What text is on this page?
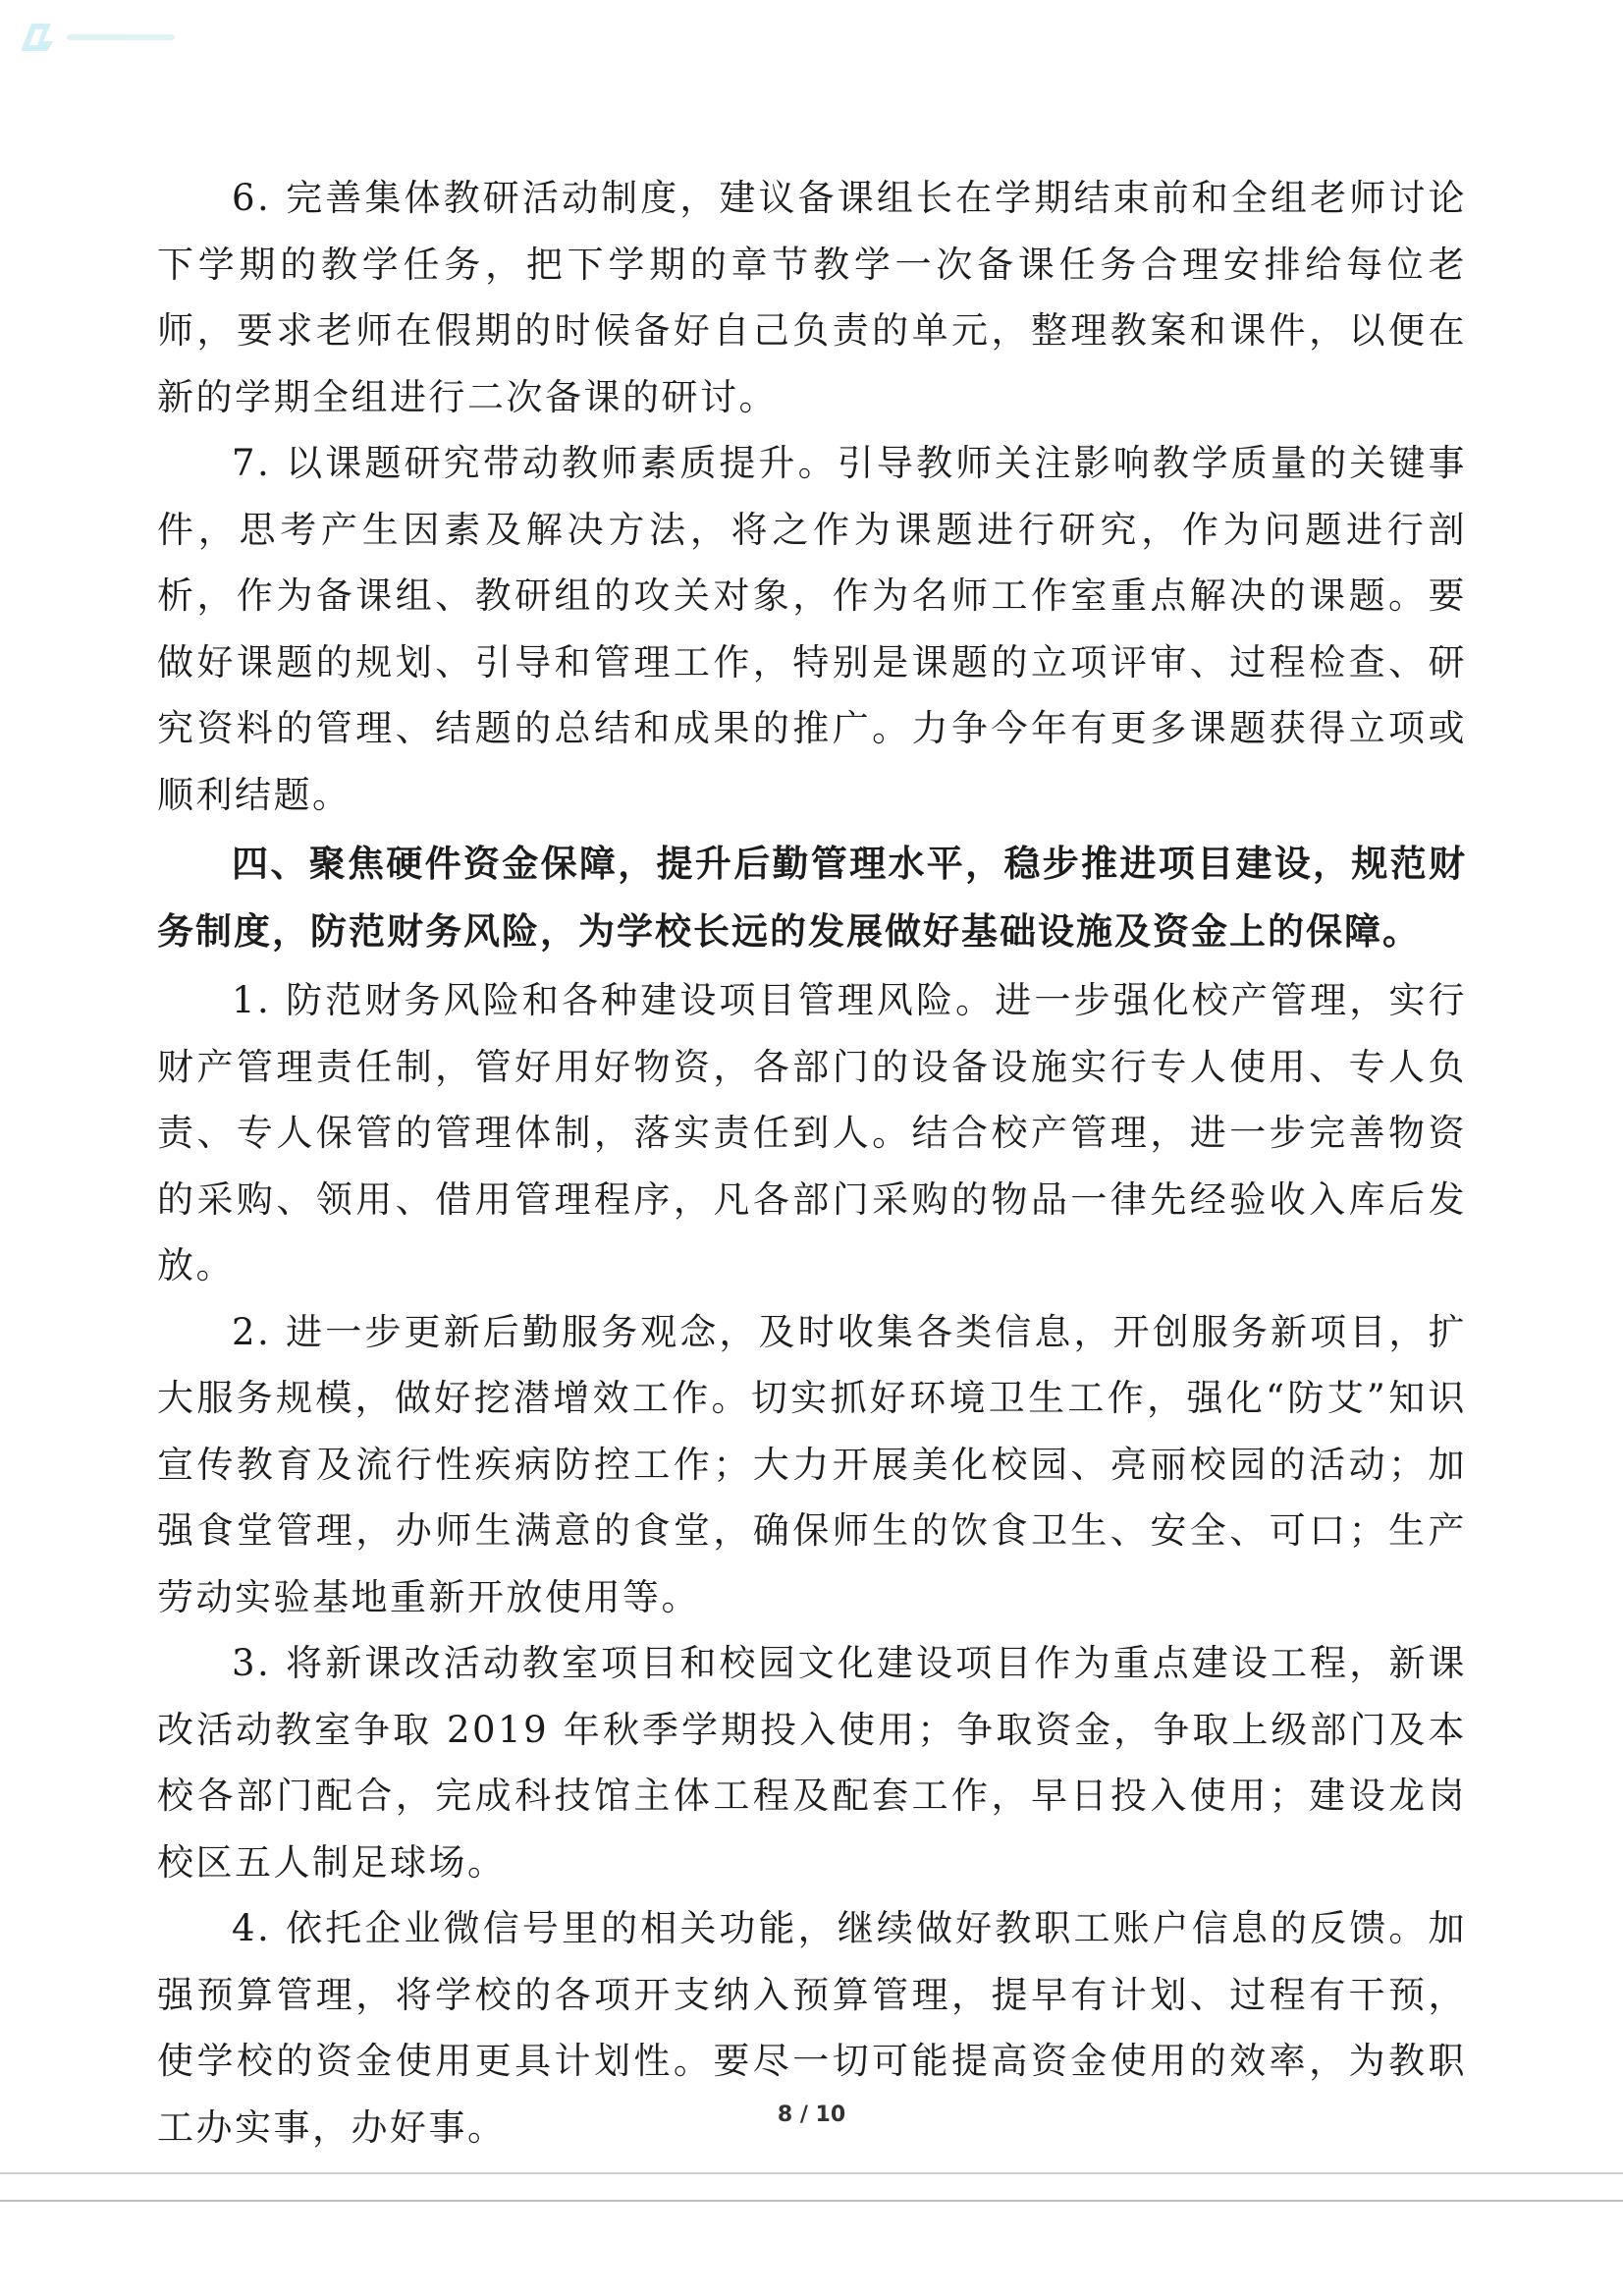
6. 完善集体教研活动制度，建议备课组长在学期结束前和全组老师讨论下学期的教学任务，把下学期的章节教学一次备课任务合理安排给每位老师，要求老师在假期的时候备好自己负责的单元，整理教案和课件，以便在新的学期全组进行二次备课的研讨。

7. 以课题研究带动教师素质提升。引导教师关注影响教学质量的关键事件，思考产生因素及解决方法，将之作为课题进行研究，作为问题进行剖析，作为备课组、教研组的攻关对象，作为名师工作室重点解决的课题。要做好课题的规划、引导和管理工作，特别是课题的立项评审、过程检查、研究资料的管理、结题的总结和成果的推广。力争今年有更多课题获得立项或顺利结题。

四、聚焦硬件资金保障，提升后勤管理水平，稳步推进项目建设，规范财务制度，防范财务风险，为学校长远的发展做好基础设施及资金上的保障。

1. 防范财务风险和各种建设项目管理风险。进一步强化校产管理，实行财产管理责任制，管好用好物资，各部门的设备设施实行专人使用、专人负责、专人保管的管理体制，落实责任到人。结合校产管理，进一步完善物资的采购、领用、借用管理程序，凡各部门采购的物品一律先经验收入库后发放。

2. 进一步更新后勤服务观念，及时收集各类信息，开创服务新项目，扩大服务规模，做好挖潜增效工作。切实抓好环境卫生工作，强化“防艾”知识宣传教育及流行性疾病防控工作；大力开展美化校园、亮丽校园的活动；加强食堂管理，办师生满意的食堂，确保师生的饮食卫生、安全、可口；生产劳动实验基地重新开放使用等。

3. 将新课改活动教室项目和校园文化建设项目作为重点建设工程，新课改活动教室争取 2019 年秋季学期投入使用；争取资金，争取上级部门及本校各部门配合，完成科技馆主体工程及配套工作，早日投入使用；建设龙岗校区五人制足球场。

4. 依托企业微信号里的相关功能，继续做好教职工账户信息的反馈。加强预算管理，将学校的各项开支纳入预算管理，提早有计划、过程有干预，使学校的资金使用更具计划性。要尽一切可能提高资金使用的效率，为教职工办实事，办好事。	8 / 10
